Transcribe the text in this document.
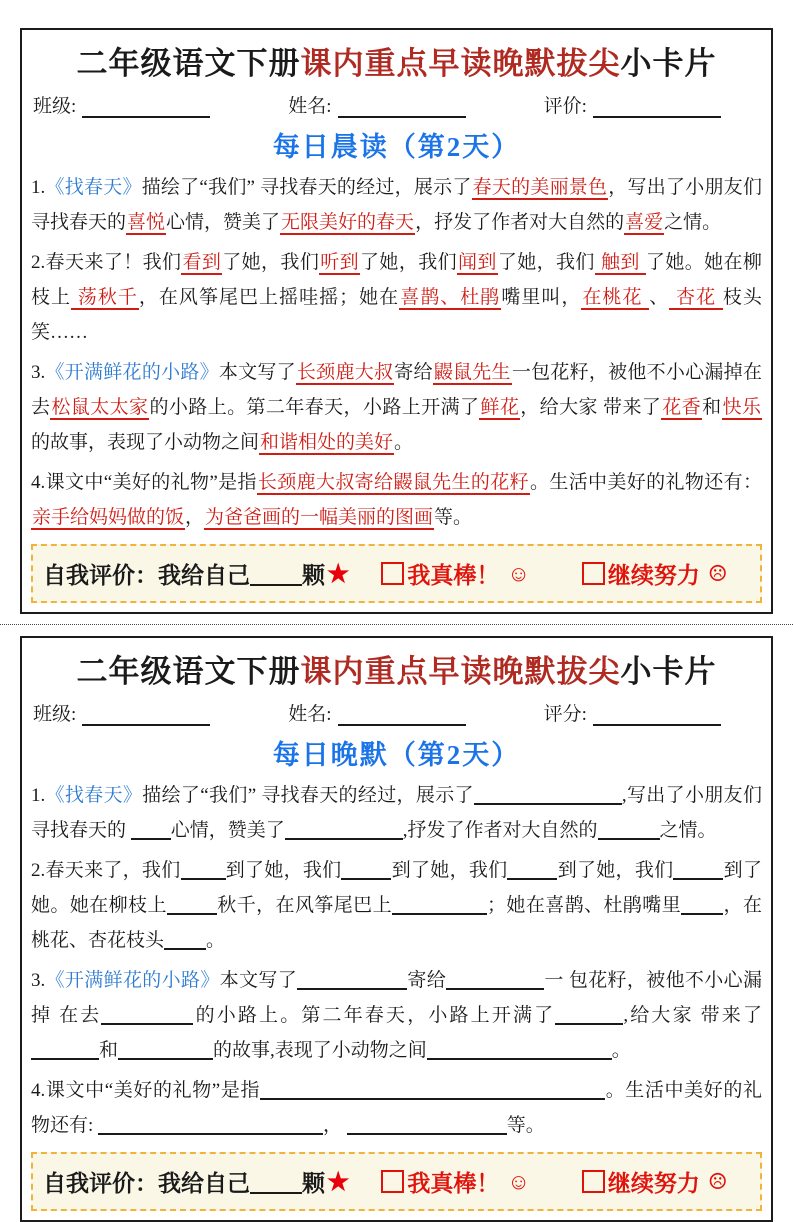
二年级语文下册课内重点早读晚默拔尖小卡片
班级:	姓名:	评价:
每日晨读（第2天）
1.《找春天》描绘了“我们” 寻找春天的经过，展示了春天的美丽景色，写出了小朋友们寻找春天的喜悦心情，赞美了无限美好的春天，抒发了作者对大自然的喜爱之情。
2.春天来了！我们看到了她，我们听到了她，我们闻到了她，我们 触到 了她。她在柳枝上 荡秋千，在风筝尾巴上摇哇摇；她在喜鹊、杜鹃嘴里叫，在桃花 、 杏花 枝头笑……
3.《开满鲜花的小路》本文写了长颈鹿大叔寄给鼹鼠先生一包花籽，被他不小心漏掉在去松鼠太太家的小路上。第二年春天，小路上开满了鲜花，给大家 带来了花香和快乐的故事，表现了小动物之间和谐相处的美好。
4.课文中“美好的礼物”是指长颈鹿大叔寄给鼹鼠先生的花籽。生活中美好的礼物还有：亲手给妈妈做的饭，为爸爸画的一幅美丽的图画等。
自我评价：我给自己 颗 ★	我真棒！ ☺	继续努力 ☹
二年级语文下册课内重点早读晚默拔尖小卡片
班级:	姓名:	评分:
每日晚默（第2天）
1.《找春天》描绘了“我们” 寻找春天的经过，展示了	,写出了小朋友们寻找春天的 心情，赞美了	,抒发了作者对大自然的	之情。
2.春天来了，我们 到了她，我们	到了她，我们	到了她，我们	到了她。她在柳枝上	秋千，在风筝尾巴上	；她在喜鹊、杜鹃嘴里 ，在桃花、杏花枝头 。
3.《开满鲜花的小路》本文写了	寄给	一 包花籽，被他不小心漏掉 在去	的小路上。第二年春天，小路上开满了	,给大家 带来了和	的故事,表现了小动物之间	。
4.课文中“美好的礼物”是指	。生活中美好的礼物还有:	，	等。
自我评价：我给自己 颗 ★	我真棒！ ☺	继续努力 ☹
